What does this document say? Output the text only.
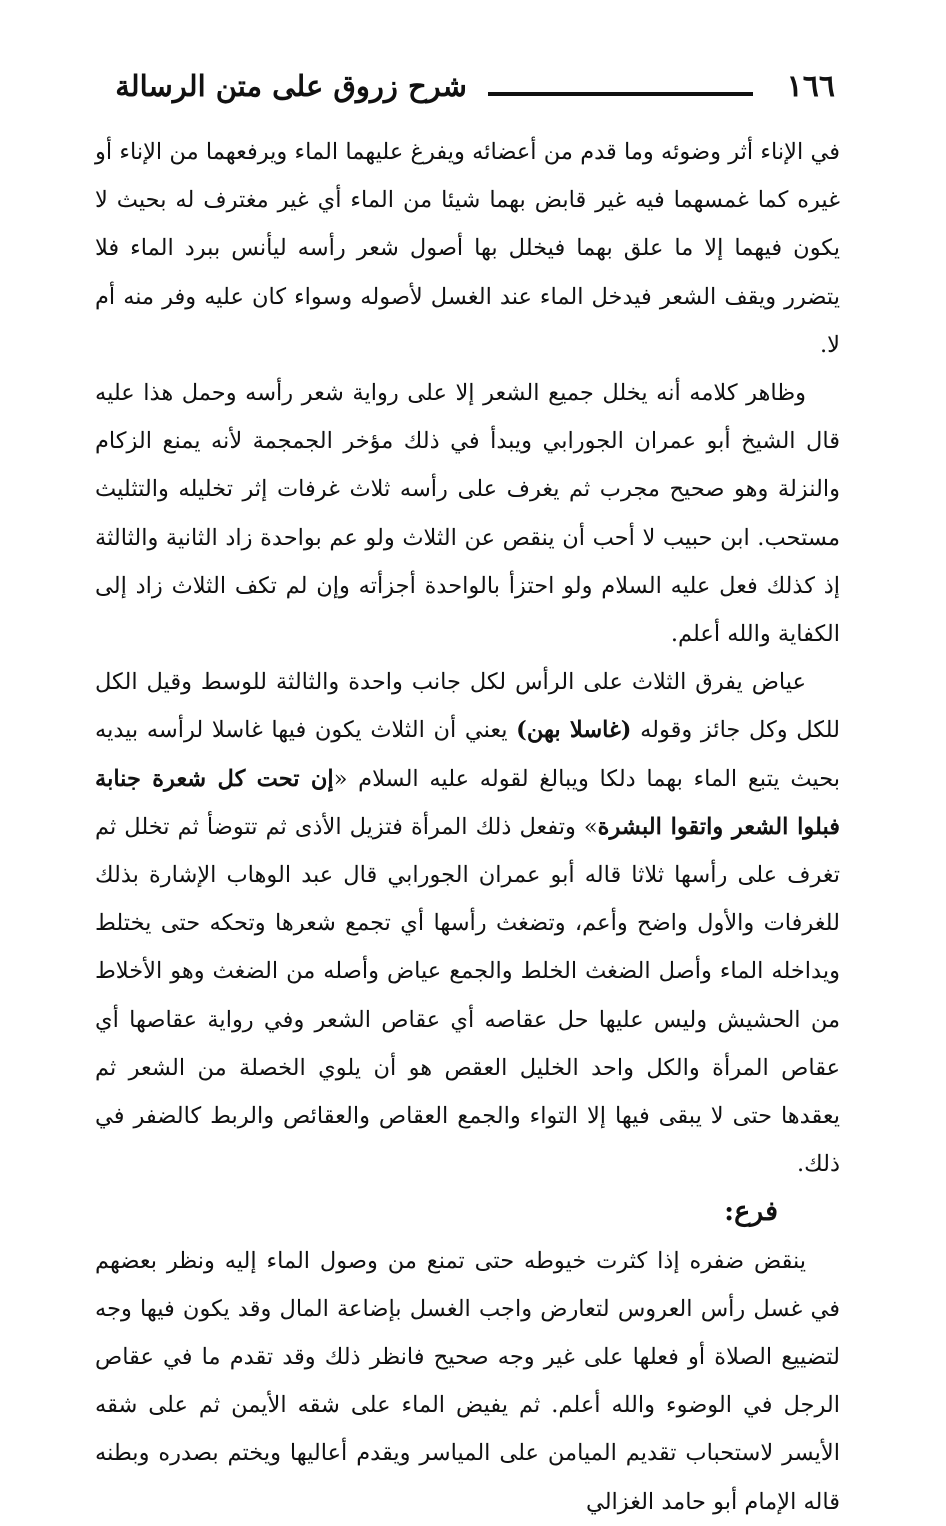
١٦٦
شرح زروق على متن الرسالة

في الإناء أثر وضوئه وما قدم من أعضائه ويفرغ عليهما الماء ويرفعهما من الإناء أو غيره كما غمسهما فيه غير قابض بهما شيئا من الماء أي غير مغترف له بحيث لا يكون فيهما إلا ما علق بهما فيخلل بها أصول شعر رأسه ليأنس ببرد الماء فلا يتضرر ويقف الشعر فيدخل الماء عند الغسل لأصوله وسواء كان عليه وفر منه أم لا.

وظاهر كلامه أنه يخلل جميع الشعر إلا على رواية شعر رأسه وحمل هذا عليه قال الشيخ أبو عمران الجورابي ويبدأ في ذلك مؤخر الجمجمة لأنه يمنع الزكام والنزلة وهو صحيح مجرب ثم يغرف على رأسه ثلاث غرفات إثر تخليله والتثليث مستحب. ابن حبيب لا أحب أن ينقص عن الثلاث ولو عم بواحدة زاد الثانية والثالثة إذ كذلك فعل عليه السلام ولو احتزأ بالواحدة أجزأته وإن لم تكف الثلاث زاد إلى الكفاية والله أعلم.

عياض يفرق الثلاث على الرأس لكل جانب واحدة والثالثة للوسط وقيل الكل للكل وكل جائز وقوله (غاسلا بهن) يعني أن الثلاث يكون فيها غاسلا لرأسه بيديه بحيث يتبع الماء بهما دلكا ويبالغ لقوله عليه السلام «إن تحت كل شعرة جنابة فبلوا الشعر واتقوا البشرة» وتفعل ذلك المرأة فتزيل الأذى ثم تتوضأ ثم تخلل ثم تغرف على رأسها ثلاثا قاله أبو عمران الجورابي قال عبد الوهاب الإشارة بذلك للغرفات والأول واضح وأعم، وتضغث رأسها أي تجمع شعرها وتحكه حتى يختلط ويداخله الماء وأصل الضغث الخلط والجمع عياض وأصله من الضغث وهو الأخلاط من الحشيش وليس عليها حل عقاصه أي عقاص الشعر وفي رواية عقاصها أي عقاص المرأة والكل واحد الخليل العقص هو أن يلوي الخصلة من الشعر ثم يعقدها حتى لا يبقى فيها إلا التواء والجمع العقاص والعقائص والربط كالضفر في ذلك.

فرع:

ينقض ضفره إذا كثرت خيوطه حتى تمنع من وصول الماء إليه ونظر بعضهم في غسل رأس العروس لتعارض واجب الغسل بإضاعة المال وقد يكون فيها وجه لتضييع الصلاة أو فعلها على غير وجه صحيح فانظر ذلك وقد تقدم ما في عقاص الرجل في الوضوء والله أعلم. ثم يفيض الماء على شقه الأيمن ثم على شقه الأيسر لاستحباب تقديم الميامن على المياسر ويقدم أعاليها ويختم بصدره وبطنه قاله الإمام أبو حامد الغزالي
